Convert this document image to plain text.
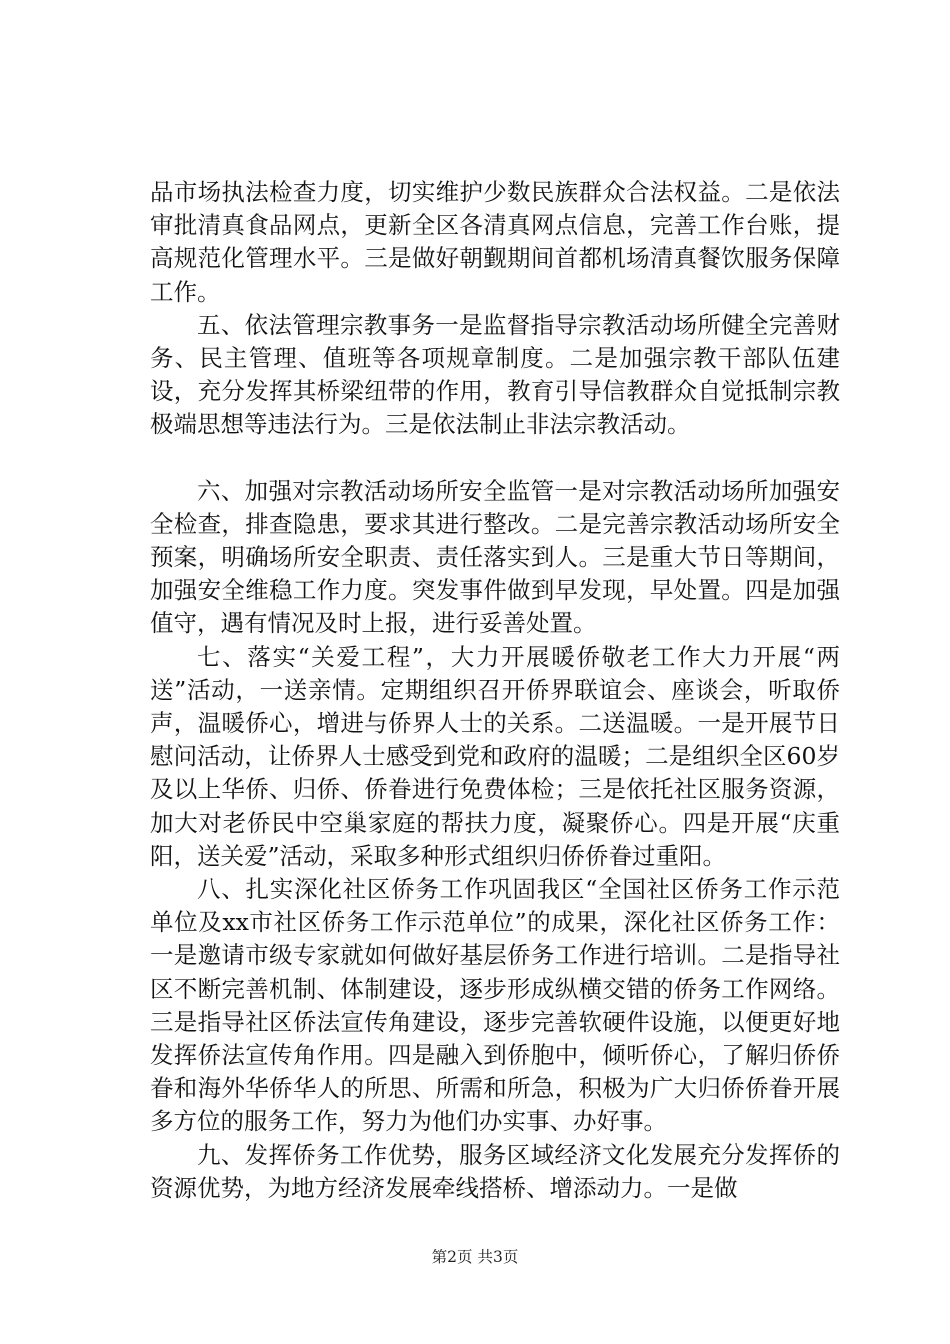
品市场执法检查力度，切实维护少数民族群众合法权益。二是依法审批清真食品网点，更新全区各清真网点信息，完善工作台账，提高规范化管理水平。三是做好朝觐期间首都机场清真餐饮服务保障工作。

五、依法管理宗教事务一是监督指导宗教活动场所健全完善财务、民主管理、值班等各项规章制度。二是加强宗教干部队伍建设，充分发挥其桥梁纽带的作用，教育引导信教群众自觉抵制宗教极端思想等违法行为。三是依法制止非法宗教活动。

六、加强对宗教活动场所安全监管一是对宗教活动场所加强安全检查，排查隐患，要求其进行整改。二是完善宗教活动场所安全预案，明确场所安全职责、责任落实到人。三是重大节日等期间，加强安全维稳工作力度。突发事件做到早发现，早处置。四是加强值守，遇有情况及时上报，进行妥善处置。

七、落实“关爱工程”，大力开展暖侨敬老工作大力开展“两送”活动，一送亲情。定期组织召开侨界联谊会、座谈会，听取侨声，温暖侨心，增进与侨界人士的关系。二送温暖。一是开展节日慰问活动，让侨界人士感受到党和政府的温暖；二是组织全区60岁及以上华侨、归侨、侨眷进行免费体检；三是依托社区服务资源，加大对老侨民中空巢家庭的帮扶力度，凝聚侨心。四是开展“庆重阳，送关爱”活动，采取多种形式组织归侨侨眷过重阳。

八、扎实深化社区侨务工作巩固我区“全国社区侨务工作示范单位及xx市社区侨务工作示范单位”的成果，深化社区侨务工作：一是邀请市级专家就如何做好基层侨务工作进行培训。二是指导社区不断完善机制、体制建设，逐步形成纵横交错的侨务工作网络。三是指导社区侨法宣传角建设，逐步完善软硬件设施，以便更好地发挥侨法宣传角作用。四是融入到侨胞中，倾听侨心，了解归侨侨眷和海外华侨华人的所思、所需和所急，积极为广大归侨侨眷开展多方位的服务工作，努力为他们办实事、办好事。

九、发挥侨务工作优势，服务区域经济文化发展充分发挥侨的资源优势，为地方经济发展牵线搭桥、增添动力。一是做

第2页 共3页
